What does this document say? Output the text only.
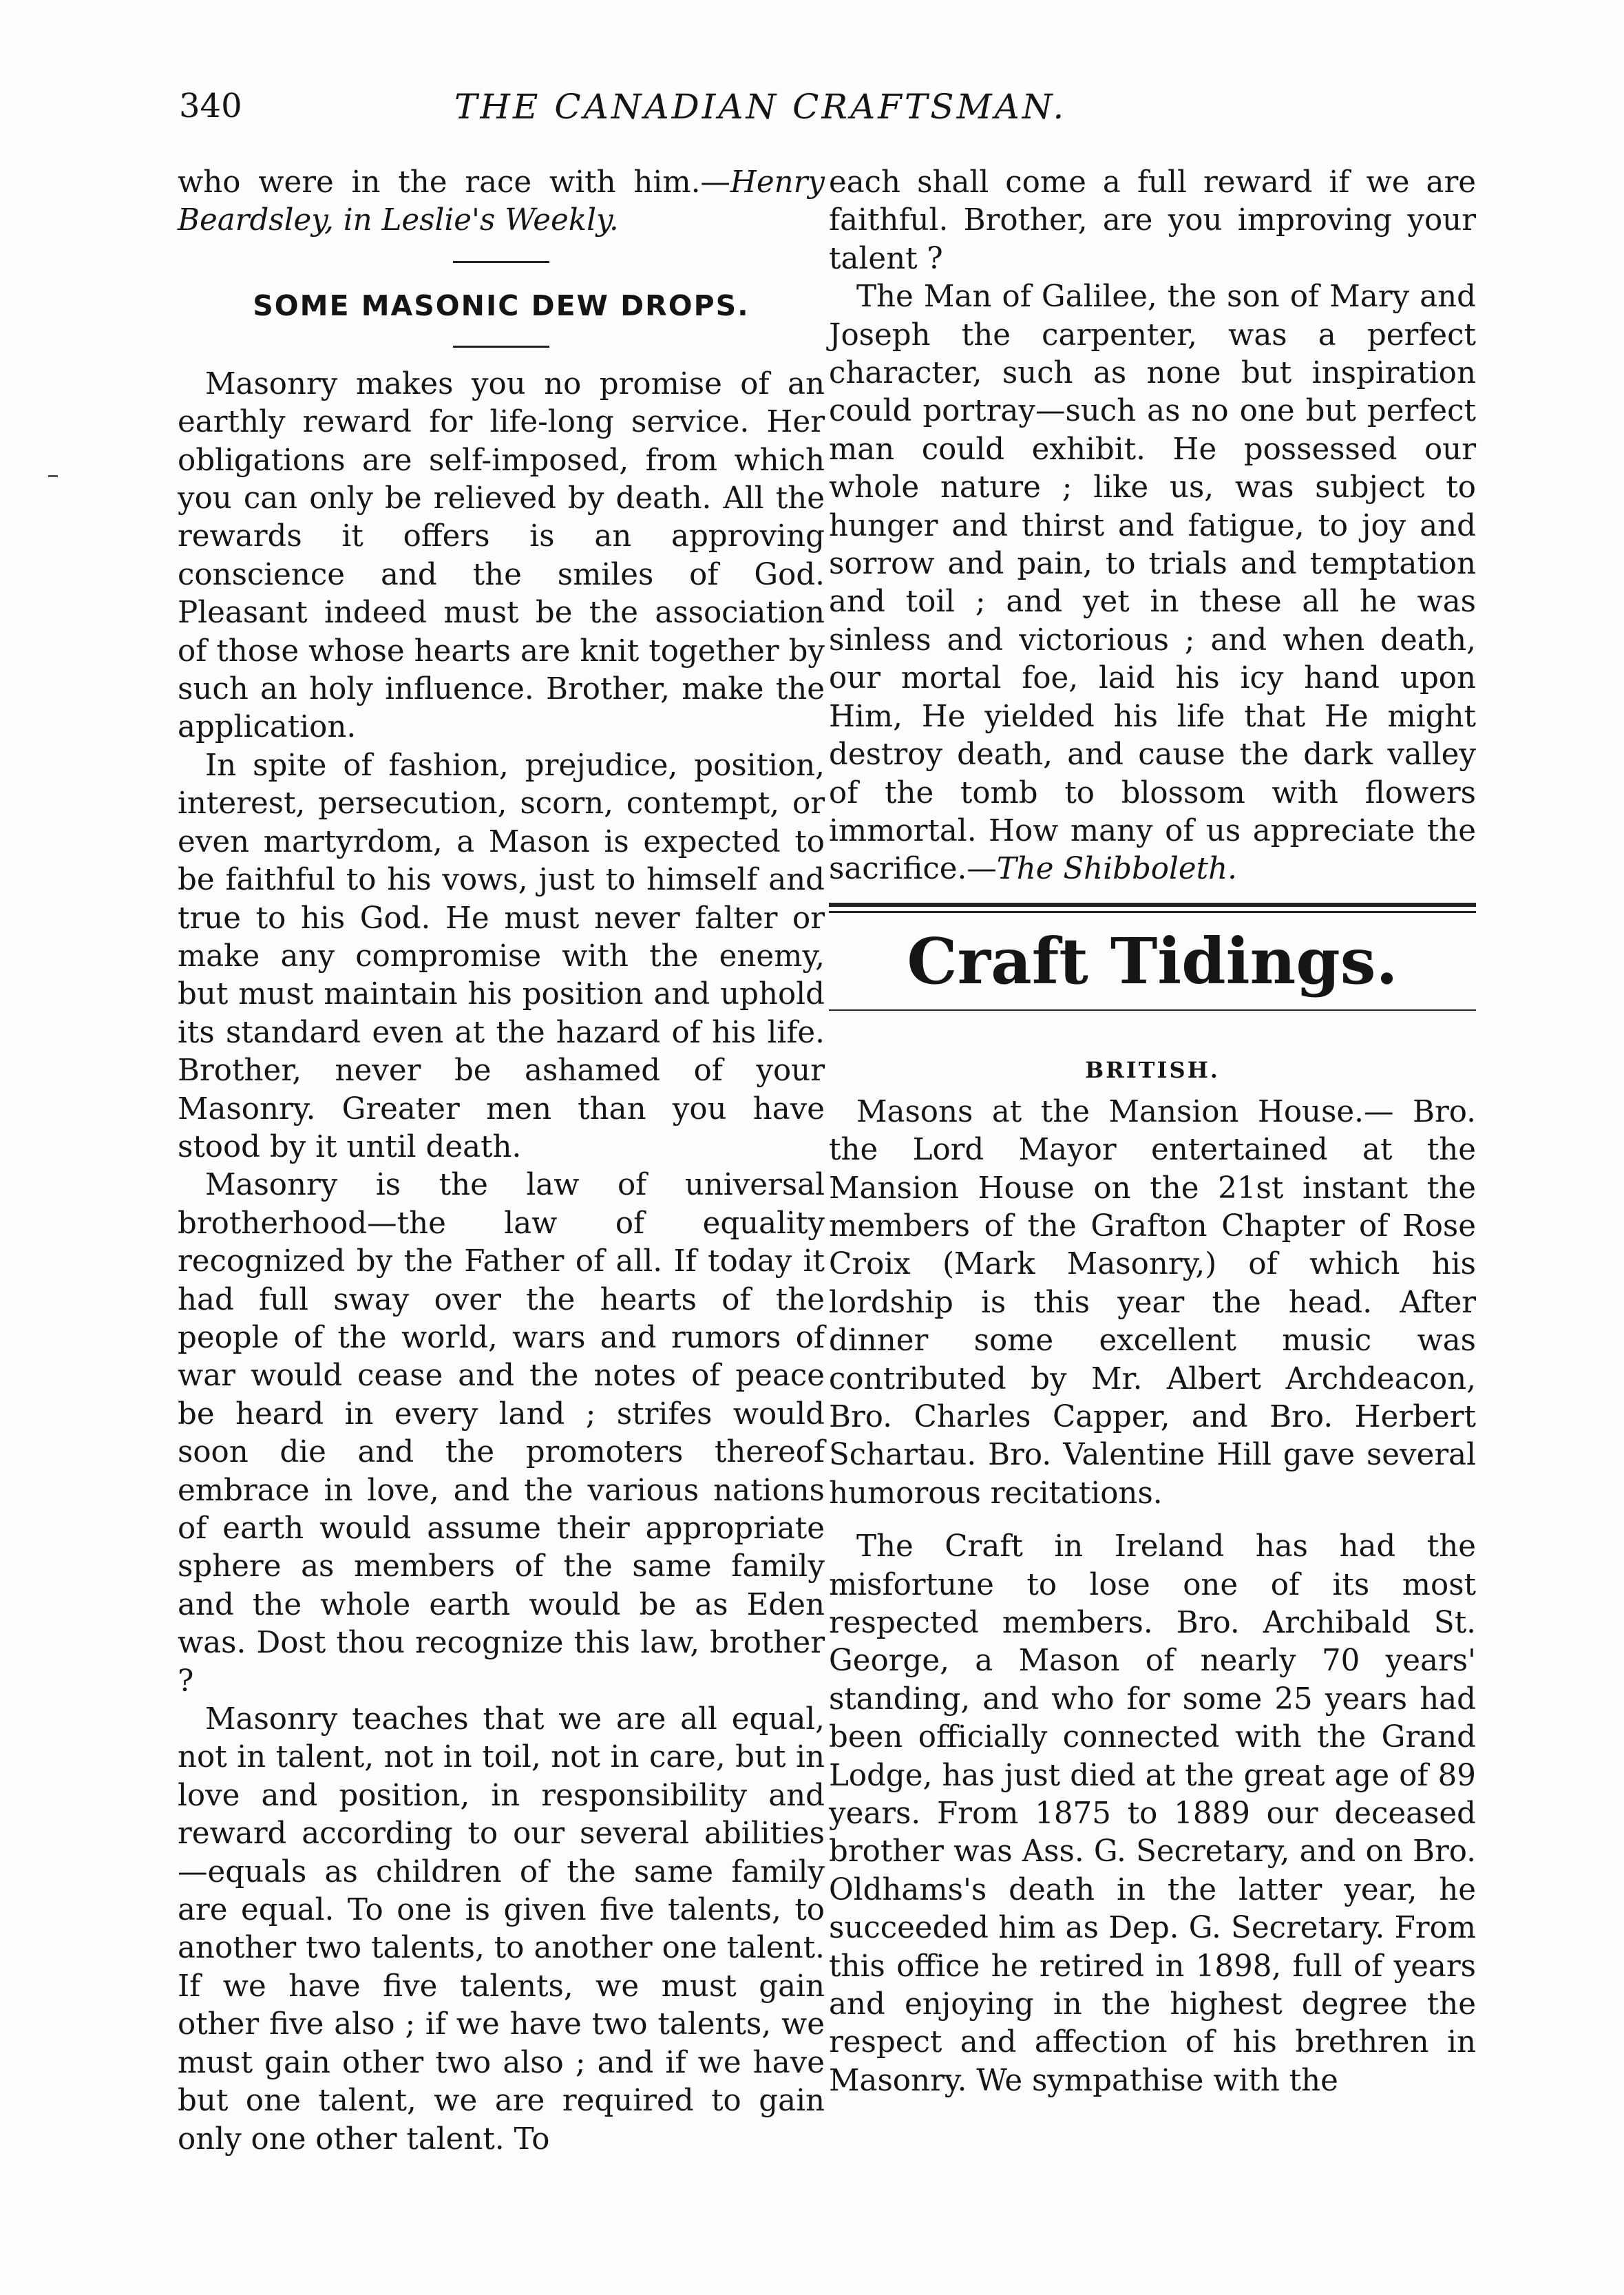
340	THE CANADIAN CRAFTSMAN.

who were in the race with him.—Henry Beardsley, in Leslie's Weekly.

SOME MASONIC DEW DROPS.

Masonry makes you no promise of an earthly reward for life-long service. Her obligations are self-imposed, from which you can only be relieved by death. All the rewards it offers is an approving conscience and the smiles of God. Pleasant indeed must be the association of those whose hearts are knit together by such an holy influence. Brother, make the application.

In spite of fashion, prejudice, position, interest, persecution, scorn, contempt, or even martyrdom, a Mason is expected to be faithful to his vows, just to himself and true to his God. He must never falter or make any compromise with the enemy, but must maintain his position and uphold its standard even at the hazard of his life. Brother, never be ashamed of your Masonry. Greater men than you have stood by it until death.

Masonry is the law of universal brotherhood—the law of equality recognized by the Father of all. If today it had full sway over the hearts of the people of the world, wars and rumors of war would cease and the notes of peace be heard in every land ; strifes would soon die and the promoters thereof embrace in love, and the various nations of earth would assume their appropriate sphere as members of the same family and the whole earth would be as Eden was. Dost thou recognize this law, brother ?

Masonry teaches that we are all equal, not in talent, not in toil, not in care, but in love and position, in responsibility and reward according to our several abilities—equals as children of the same family are equal. To one is given five talents, to another two talents, to another one talent. If we have five talents, we must gain other five also ; if we have two talents, we must gain other two also ; and if we have but one talent, we are required to gain only one other talent. To

each shall come a full reward if we are faithful. Brother, are you improving your talent ?

The Man of Galilee, the son of Mary and Joseph the carpenter, was a perfect character, such as none but inspiration could portray—such as no one but perfect man could exhibit. He possessed our whole nature ; like us, was subject to hunger and thirst and fatigue, to joy and sorrow and pain, to trials and temptation and toil ; and yet in these all he was sinless and victorious ; and when death, our mortal foe, laid his icy hand upon Him, He yielded his life that He might destroy death, and cause the dark valley of the tomb to blossom with flowers immortal. How many of us appreciate the sacrifice.—The Shibboleth.

Craft Tidings.
BRITISH.

Masons at the Mansion House.— Bro. the Lord Mayor entertained at the Mansion House on the 21st instant the members of the Grafton Chapter of Rose Croix (Mark Masonry,) of which his lordship is this year the head. After dinner some excellent music was contributed by Mr. Albert Archdeacon, Bro. Charles Capper, and Bro. Herbert Schartau. Bro. Valentine Hill gave several humorous recitations.

The Craft in Ireland has had the misfortune to lose one of its most respected members. Bro. Archibald St. George, a Mason of nearly 70 years' standing, and who for some 25 years had been officially connected with the Grand Lodge, has just died at the great age of 89 years. From 1875 to 1889 our deceased brother was Ass. G. Secretary, and on Bro. Oldhams's death in the latter year, he succeeded him as Dep. G. Secretary. From this office he retired in 1898, full of years and enjoying in the highest degree the respect and affection of his brethren in Masonry. We sympathise with the
